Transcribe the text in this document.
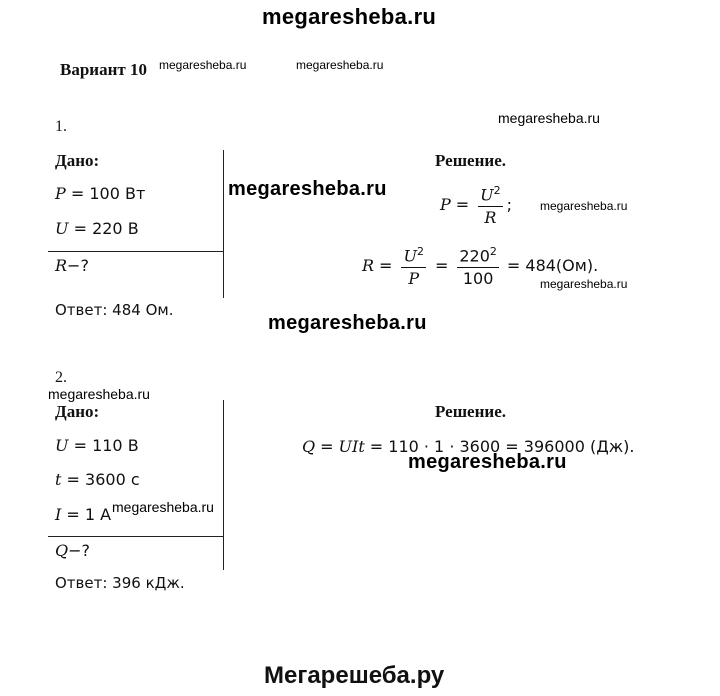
megaresheba.ru
Вариант 10 megaresheba.ru	megaresheba.ru
1.	megaresheba.ru
Дано:
P = 100 Вт
U = 220 В
R−?
Ответ: 484 Ом.
Решение.
megaresheba.ru
$P = \frac{U^2}{R}$ ; megaresheba.ru
$R = \frac{U^2}{P} = \frac{220^2}{100} = 484(Ом)$.
megaresheba.ru
megaresheba.ru
2.
megaresheba.ru
Дано:
U = 110 В
t = 3600 с
I = 1 А megaresheba.ru
Q−?
Ответ: 396 кДж.
Решение.
Q = UIt = 110 · 1 · 3600 = 396000 (Дж).
megaresheba.ru
Мегарешеба.ру
